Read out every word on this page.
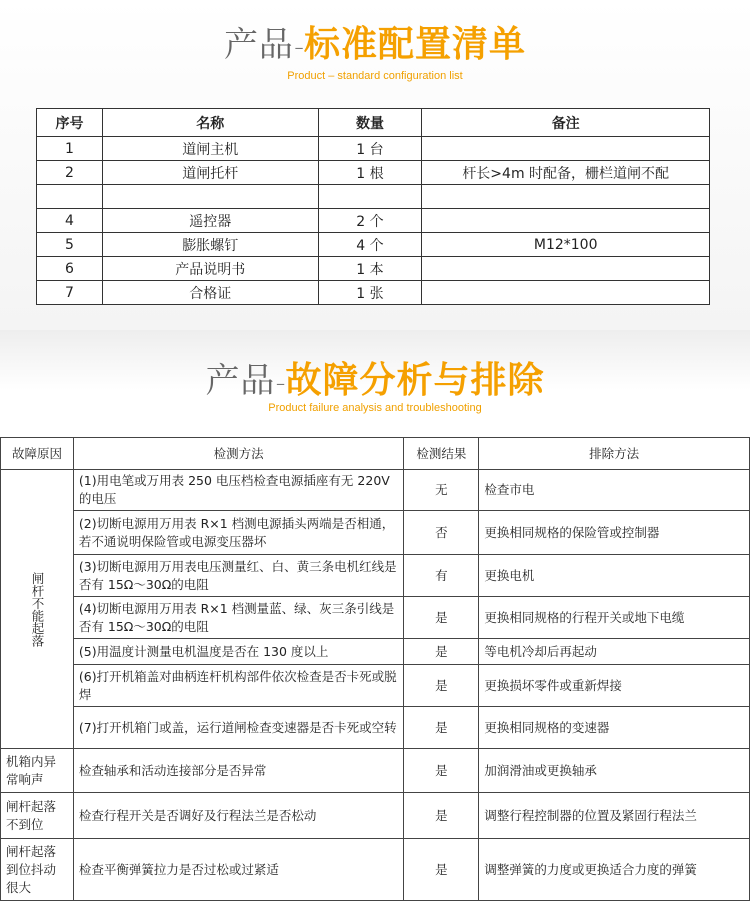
产品-标准配置清单
Product – standard configuration list
序号	名称	数量	备注
1	道闸主机	1 台	
2	道闸托杆	1 根	杆长>4m 时配备，栅栏道闸不配

4	遥控器	2 个	
5	膨胀螺钉	4 个	M12*100
6	产品说明书	1 本	
7	合格证	1 张	
产品-故障分析与排除
Product failure analysis and troubleshooting
故障原因	检测方法	检测结果	排除方法

闸杆不能起落	(1)用电笔或万用表 250 电压档检查电源插座有无 220V 的电压	无	检查市电
	(2)切断电源用万用表 R×1 档测电源插头两端是否相通，若不通说明保险管或电源变压器坏	否	更换相同规格的保险管或控制器
	(3)切断电源用万用表电压测量红、白、黄三条电机红线是否有 15Ω～30Ω的电阻	有	更换电机
	(4)切断电源用万用表 R×1 档测量蓝、绿、灰三条引线是否有 15Ω～30Ω的电阻	是	更换相同规格的行程开关或地下电缆
	(5)用温度计测量电机温度是否在 130 度以上	是	等电机冷却后再起动
	(6)打开机箱盖对曲柄连杆机构部件依次检查是否卡死或脱焊	是	更换损坏零件或重新焊接
	(7)打开机箱门或盖，运行道闸检查变速器是否卡死或空转	是	更换相同规格的变速器
机箱内异常响声	检查轴承和活动连接部分是否异常	是	加润滑油或更换轴承
闸杆起落不到位	检查行程开关是否调好及行程法兰是否松动	是	调整行程控制器的位置及紧固行程法兰
闸杆起落到位抖动很大	检查平衡弹簧拉力是否过松或过紧适	是	调整弹簧的力度或更换适合力度的弹簧
